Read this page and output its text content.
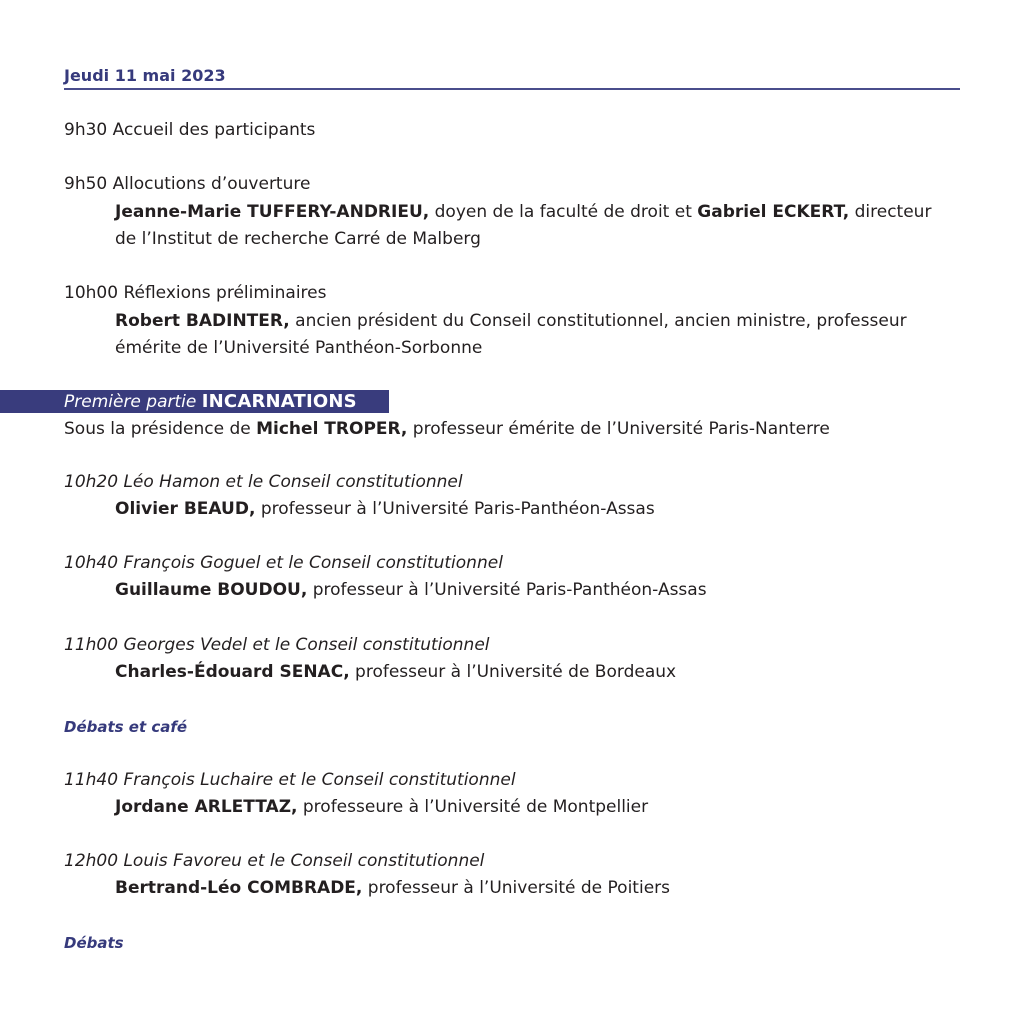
Jeudi 11 mai 2023
9h30 Accueil des participants
9h50 Allocutions d’ouverture
Jeanne-Marie TUFFERY-ANDRIEU, doyen de la faculté de droit et Gabriel ECKERT, directeur
de l’Institut de recherche Carré de Malberg
10h00 Réflexions préliminaires
Robert BADINTER, ancien président du Conseil constitutionnel, ancien ministre, professeur
émérite de l’Université Panthéon-Sorbonne
Première partie INCARNATIONS
Sous la présidence de Michel TROPER, professeur émérite de l’Université Paris-Nanterre
10h20 Léo Hamon et le Conseil constitutionnel
Olivier BEAUD, professeur à l’Université Paris-Panthéon-Assas
10h40 François Goguel et le Conseil constitutionnel
Guillaume BOUDOU, professeur à l’Université Paris-Panthéon-Assas
11h00 Georges Vedel et le Conseil constitutionnel
Charles-Édouard SENAC, professeur à l’Université de Bordeaux
Débats et café
11h40 François Luchaire et le Conseil constitutionnel
Jordane ARLETTAZ, professeure à l’Université de Montpellier
12h00 Louis Favoreu et le Conseil constitutionnel
Bertrand-Léo COMBRADE, professeur à l’Université de Poitiers
Débats
